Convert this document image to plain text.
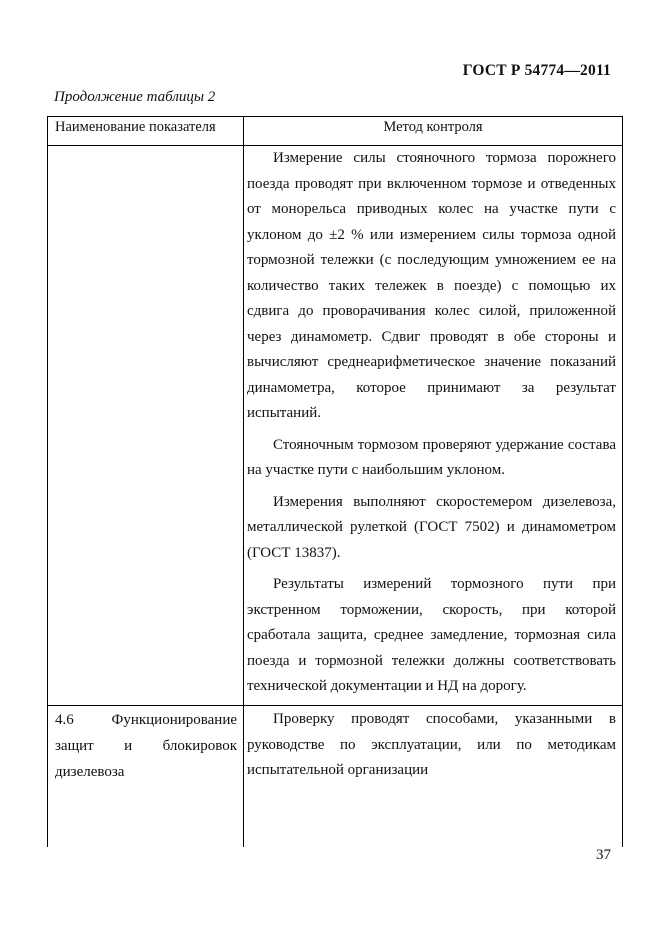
ГОСТ Р 54774—2011
Продолжение таблицы 2
Наименование показателя	Метод контроля

Измерение силы стояночного тормоза порожнего поезда проводят при включенном тормозе и отведенных от монорельса приводных колес на участке пути с уклоном до ±2 % или измерением силы тормоза одной тормозной тележки (с последующим умножением ее на количество таких тележек в поезде) с помощью их сдвига до проворачивания колес силой, приложенной через динамометр. Сдвиг проводят в обе стороны и вычисляют среднеарифметическое значение показаний динамометра, которое принимают за результат испытаний.

Стояночным тормозом проверяют удержание состава на участке пути с наибольшим уклоном.

Измерения выполняют скоростемером дизелевоза, металлической рулеткой (ГОСТ 7502) и динамометром (ГОСТ 13837).

Результаты измерений тормозного пути при экстренном торможении, скорость, при которой сработала защита, среднее замедление, тормозная сила поезда и тормозной тележки должны соответствовать технической документации и НД на дорогу.

4.6 Функционирование защит и блокировок дизелевоза

Проверку проводят способами, указанными в руководстве по эксплуатации, или по методикам испытательной организации

37
